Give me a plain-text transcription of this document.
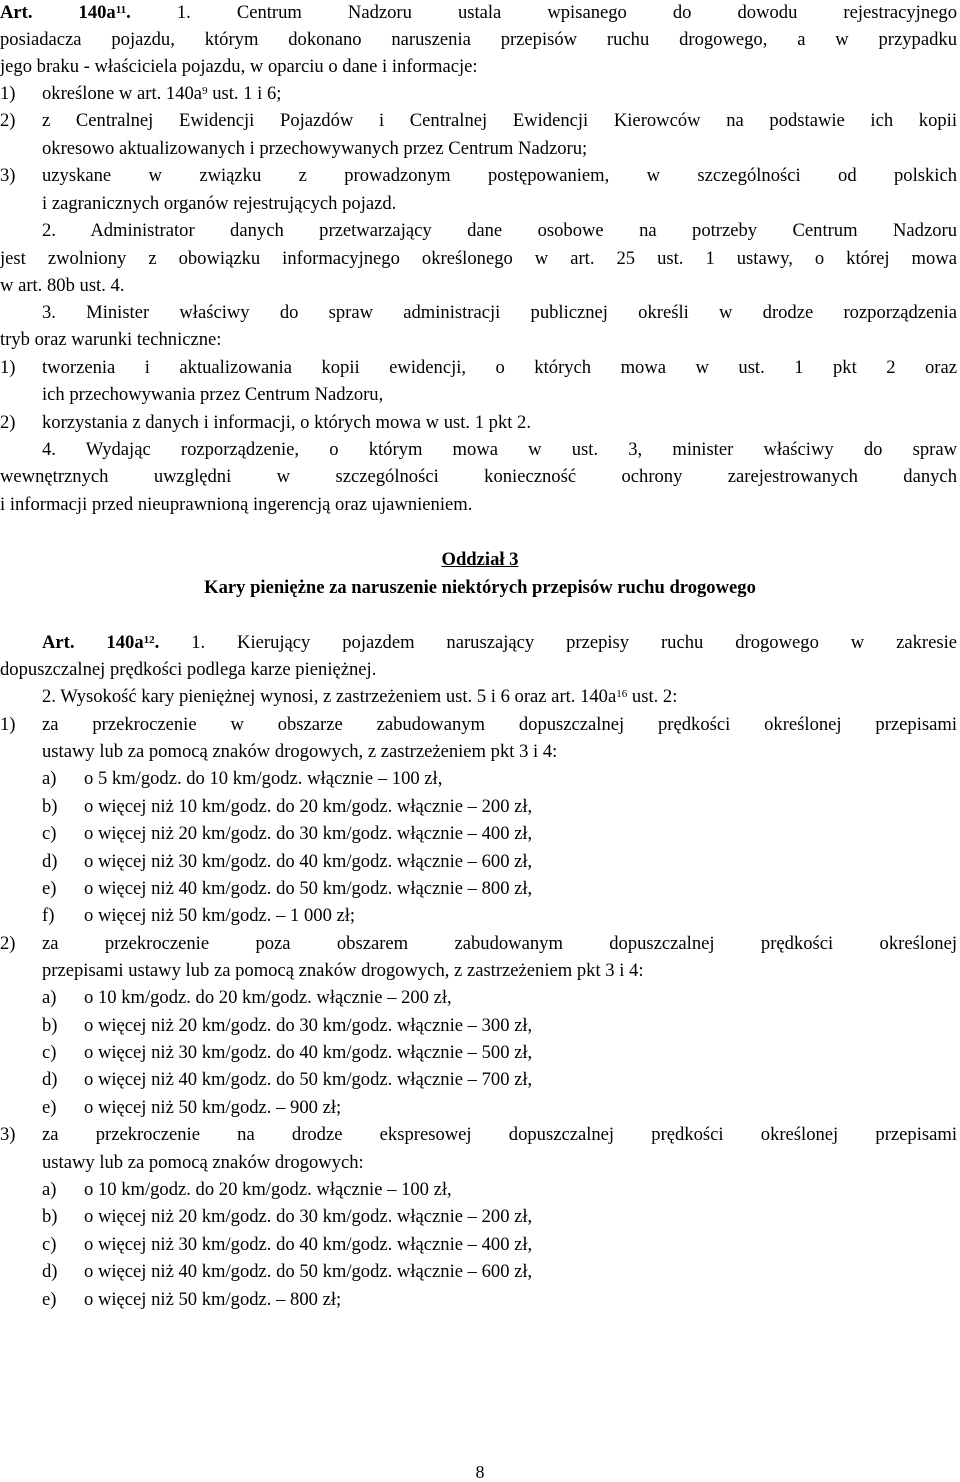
Art. $140a^{11}$. 1. Centrum Nadzoru ustala wpisanego do dowodu rejestracyjnego
posiadacza pojazdu, którym dokonano naruszenia przepisów ruchu drogowego, a w przypadku
jego braku - właściciela pojazdu, w oparciu o dane i informacje:
1)	określone w art. $140a^9$ ust. 1 i 6;
2)	z Centralnej Ewidencji Pojazdów i Centralnej Ewidencji Kierowców na podstawie ich kopii
okresowo aktualizowanych i przechowywanych przez Centrum Nadzoru;
3)	uzyskane w związku z prowadzonym postępowaniem, w szczególności od polskich
i zagranicznych organów rejestrujących pojazd.
2. Administrator danych przetwarzający dane osobowe na potrzeby Centrum Nadzoru
jest zwolniony z obowiązku informacyjnego określonego w art. 25 ust. 1 ustawy, o której mowa
w art. 80b ust. 4.
3. Minister właściwy do spraw administracji publicznej określi w drodze rozporządzenia
tryb oraz warunki techniczne:
1)	tworzenia i aktualizowania kopii ewidencji, o których mowa w ust. 1 pkt 2 oraz
ich przechowywania przez Centrum Nadzoru,
2)	korzystania z danych i informacji, o których mowa w ust. 1 pkt 2.
4. Wydając rozporządzenie, o którym mowa w ust. 3, minister właściwy do spraw
wewnętrznych uwzględni w szczególności konieczność ochrony zarejestrowanych danych
i informacji przed nieuprawnioną ingerencją oraz ujawnieniem.
Oddział 3
Kary pieniężne za naruszenie niektórych przepisów ruchu drogowego
Art. $140a^{12}$. 1. Kierujący pojazdem naruszający przepisy ruchu drogowego w zakresie
dopuszczalnej prędkości podlega karze pieniężnej.
2. Wysokość kary pieniężnej wynosi, z zastrzeżeniem ust. 5 i 6 oraz art. $140a^{16}$ ust. 2:
1)	za przekroczenie w obszarze zabudowanym dopuszczalnej prędkości określonej przepisami
ustawy lub za pomocą znaków drogowych, z zastrzeżeniem pkt 3 i 4:
a)	o 5 km/godz. do 10 km/godz. włącznie – 100 zł,
b)	o więcej niż 10 km/godz. do 20 km/godz. włącznie – 200 zł,
c)	o więcej niż 20 km/godz. do 30 km/godz. włącznie – 400 zł,
d)	o więcej niż 30 km/godz. do 40 km/godz. włącznie – 600 zł,
e)	o więcej niż 40 km/godz. do 50 km/godz. włącznie – 800 zł,
f)	o więcej niż 50 km/godz. – 1 000 zł;
2)	za przekroczenie poza obszarem zabudowanym dopuszczalnej prędkości określonej
przepisami ustawy lub za pomocą znaków drogowych, z zastrzeżeniem pkt 3 i 4:
a)	o 10 km/godz. do 20 km/godz. włącznie – 200 zł,
b)	o więcej niż 20 km/godz. do 30 km/godz. włącznie – 300 zł,
c)	o więcej niż 30 km/godz. do 40 km/godz. włącznie – 500 zł,
d)	o więcej niż 40 km/godz. do 50 km/godz. włącznie – 700 zł,
e)	o więcej niż 50 km/godz. – 900 zł;
3)	za przekroczenie na drodze ekspresowej dopuszczalnej prędkości określonej przepisami
ustawy lub za pomocą znaków drogowych:
a)	o 10 km/godz. do 20 km/godz. włącznie – 100 zł,
b)	o więcej niż 20 km/godz. do 30 km/godz. włącznie – 200 zł,
c)	o więcej niż 30 km/godz. do 40 km/godz. włącznie – 400 zł,
d)	o więcej niż 40 km/godz. do 50 km/godz. włącznie – 600 zł,
e)	o więcej niż 50 km/godz. – 800 zł;
8
